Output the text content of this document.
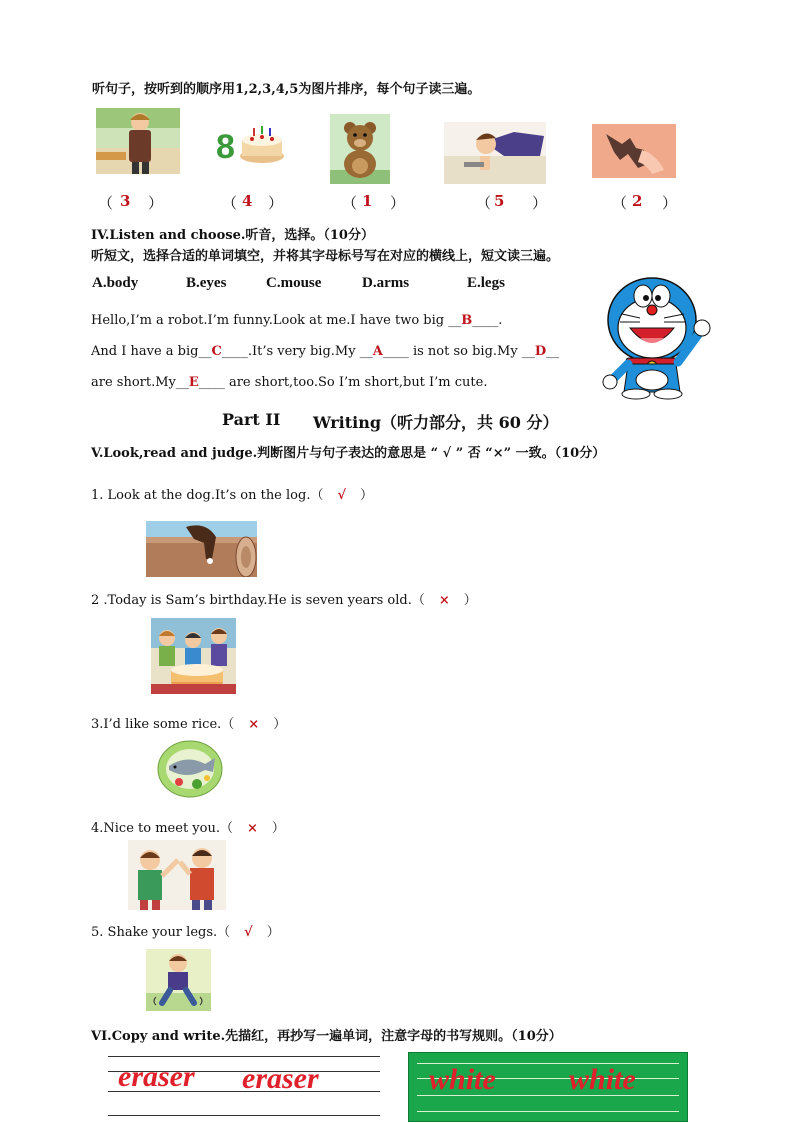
听句子，按听到的顺序用1,2,3,4,5为图片排序，每个句子读三遍。
8
（ 3 ）	（ 4 ）	（ 1 ）	（ 5 ）	（ 2 ）
IV.Listen and choose.听音，选择。（10分）
听短文，选择合适的单词填空，并将其字母标号写在对应的横线上，短文读三遍。
A.body	B.eyes	C.mouse	D.arms	E.legs
Hello,I’m a robot.I’m funny.Look at me.I have two big __B____.
And I have a big__C____.It’s very big.My __A____ is not so big.My __D__
are short.My__E____ are short,too.So I’m short,but I’m cute.
Part II Writing（听力部分，共 60 分）
V.Look,read and judge.判断图片与句子表达的意思是 “ √ ” 否 “×” 一致。（10分）
1. Look at the dog.It’s on the log.（ √ ）
2 .Today is Sam’s birthday.He is seven years old.（ × ）
3.I’d like some rice.（ × ）
4.Nice to meet you.（ × ）
5. Shake your legs.（ √ ）
VI.Copy and write.先描红，再抄写一遍单词，注意字母的书写规则。（10分）
eraser eraser	white white
